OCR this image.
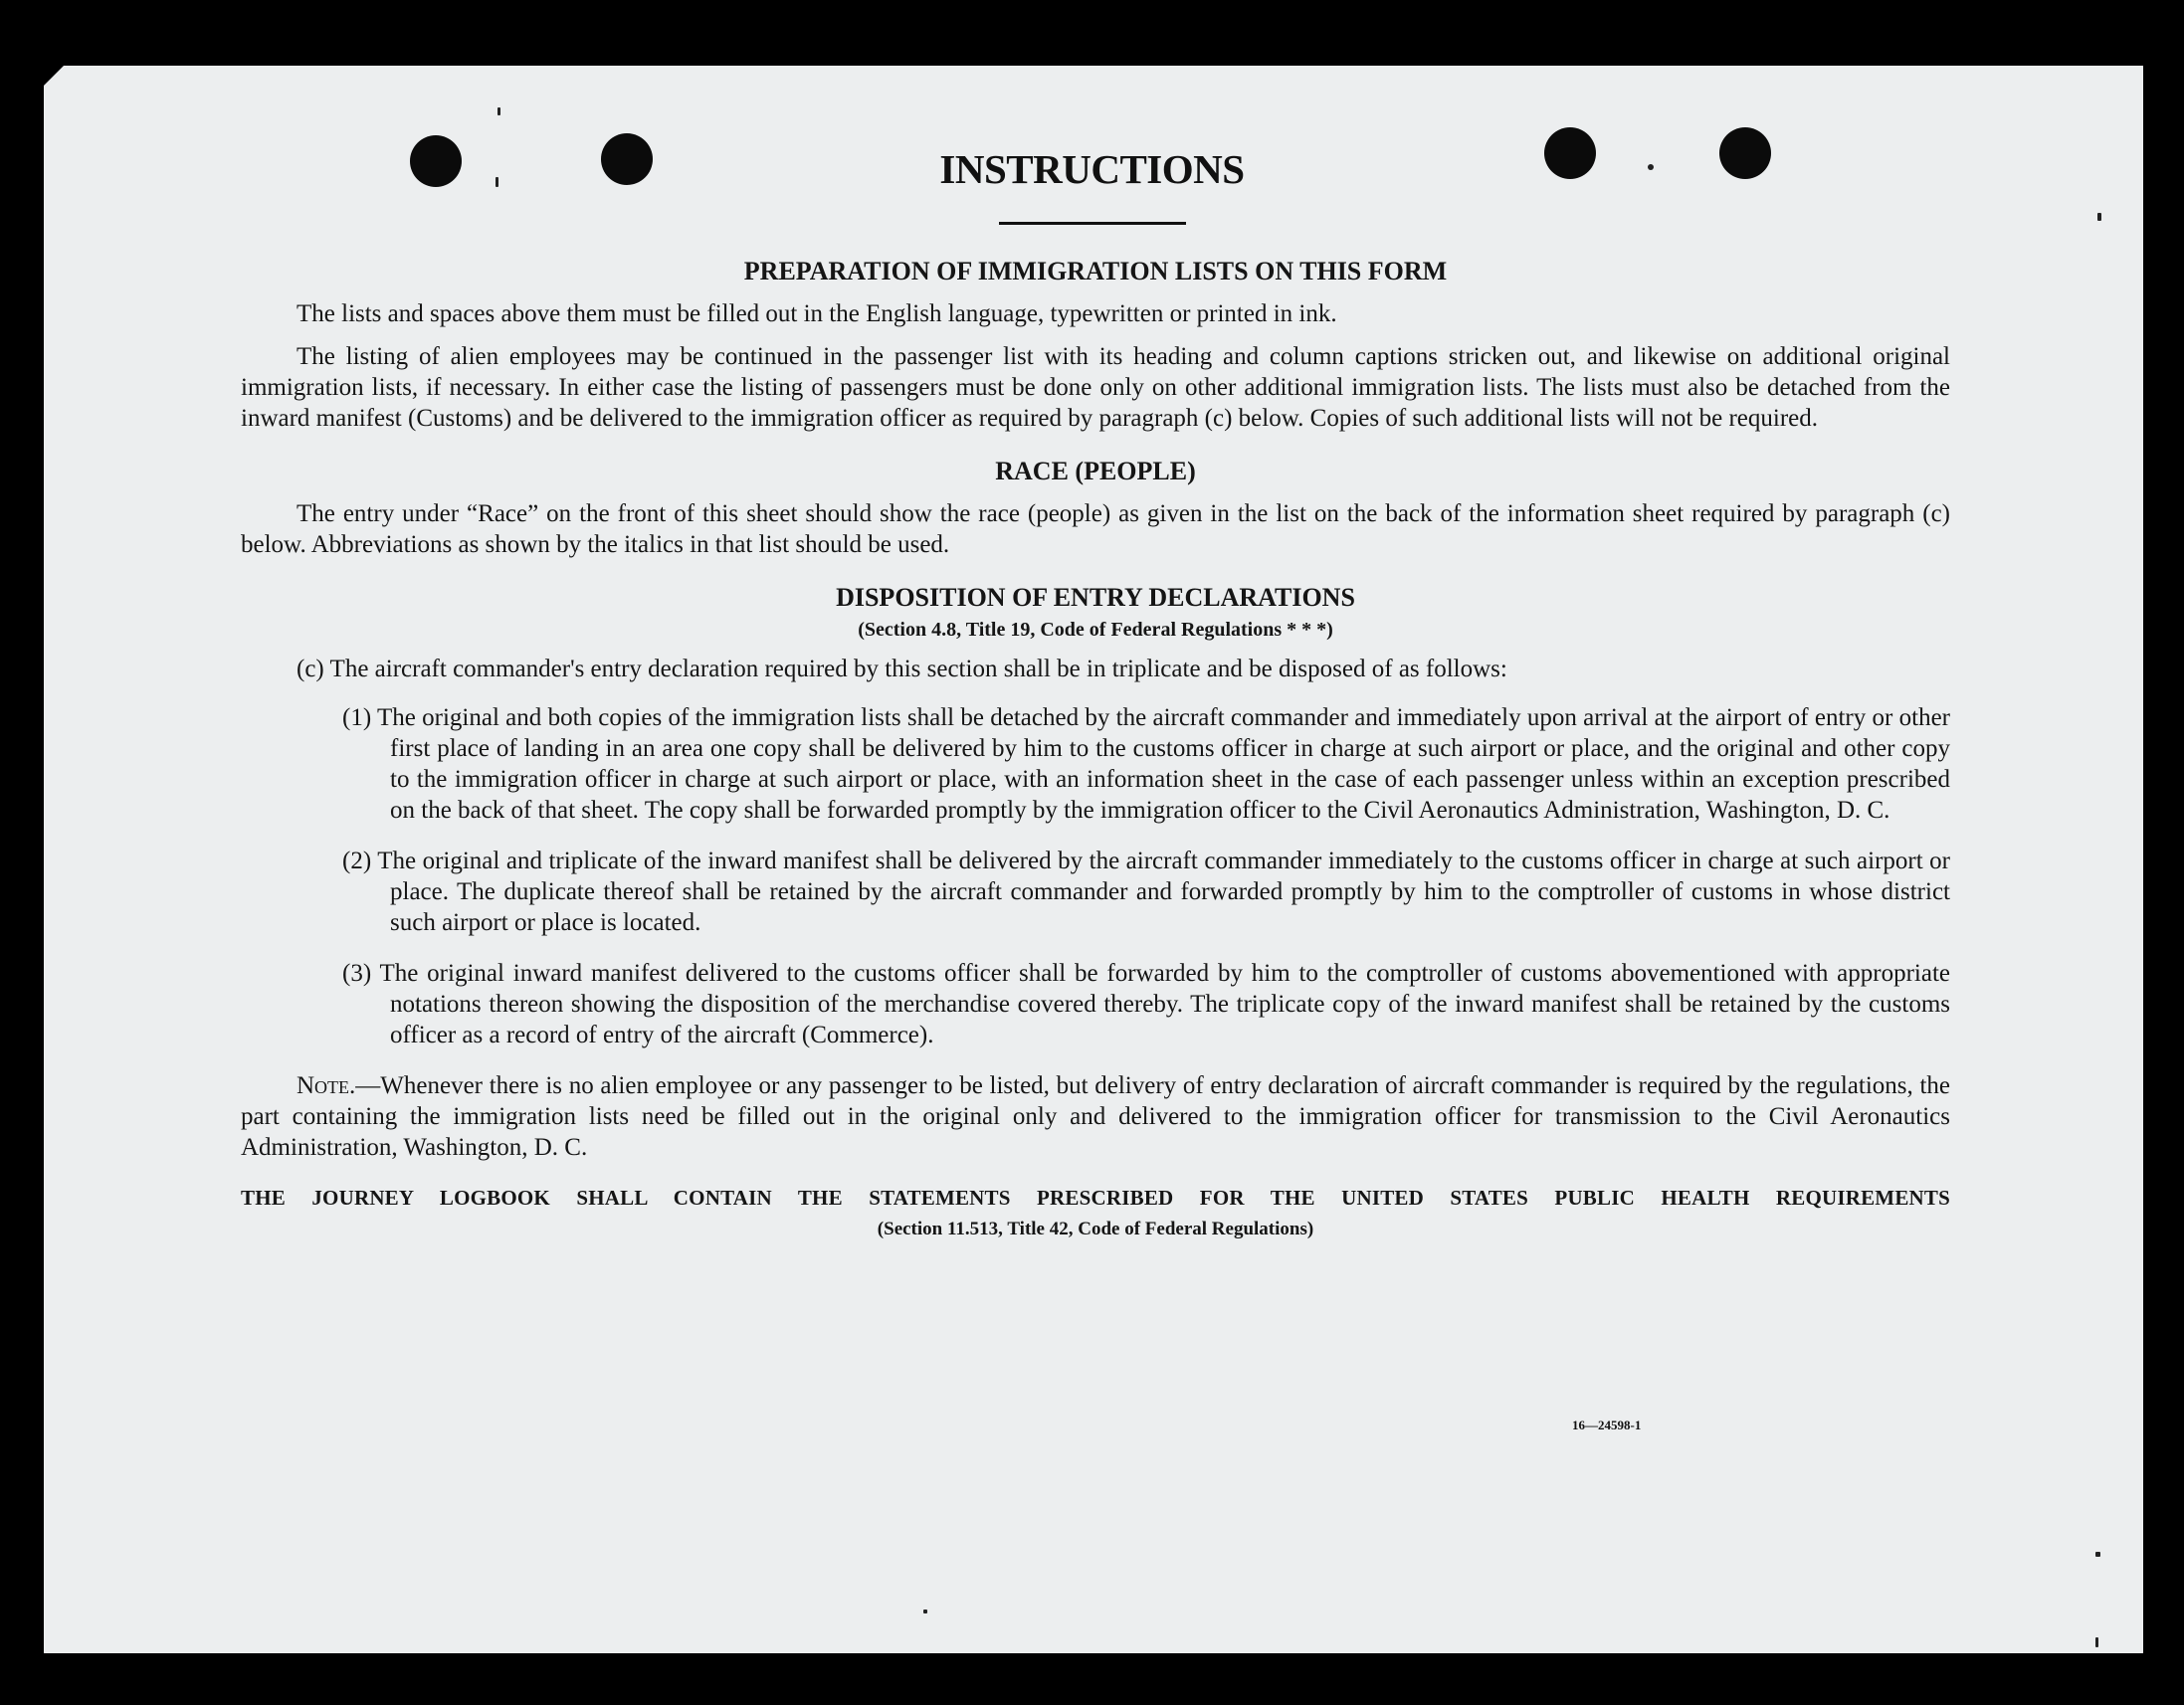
INSTRUCTIONS
PREPARATION OF IMMIGRATION LISTS ON THIS FORM

The lists and spaces above them must be filled out in the English language, typewritten or printed in ink.

The listing of alien employees may be continued in the passenger list with its heading and column captions stricken out, and likewise on additional original immigration lists, if necessary. In either case the listing of passengers must be done only on other additional immigration lists. The lists must also be detached from the inward manifest (Customs) and be delivered to the immigration officer as required by paragraph (c) below. Copies of such additional lists will not be required.

RACE (PEOPLE)

The entry under “Race” on the front of this sheet should show the race (people) as given in the list on the back of the information sheet required by paragraph (c) below. Abbreviations as shown by the italics in that list should be used.

DISPOSITION OF ENTRY DECLARATIONS
(Section 4.8, Title 19, Code of Federal Regulations * * *)

(c) The aircraft commander's entry declaration required by this section shall be in triplicate and be disposed of as follows:

(1) The original and both copies of the immigration lists shall be detached by the aircraft commander and immediately upon arrival at the airport of entry or other first place of landing in an area one copy shall be delivered by him to the customs officer in charge at such airport or place, and the original and other copy to the immigration officer in charge at such airport or place, with an information sheet in the case of each passenger unless within an exception prescribed on the back of that sheet. The copy shall be forwarded promptly by the immigration officer to the Civil Aeronautics Administration, Washington, D. C.

(2) The original and triplicate of the inward manifest shall be delivered by the aircraft commander immediately to the customs officer in charge at such airport or place. The duplicate thereof shall be retained by the aircraft commander and forwarded promptly by him to the comptroller of customs in whose district such airport or place is located.

(3) The original inward manifest delivered to the customs officer shall be forwarded by him to the comptroller of customs abovementioned with appropriate notations thereon showing the disposition of the merchandise covered thereby. The triplicate copy of the inward manifest shall be retained by the customs officer as a record of entry of the aircraft (Commerce).

Note.—Whenever there is no alien employee or any passenger to be listed, but delivery of entry declaration of aircraft commander is required by the regulations, the part containing the immigration lists need be filled out in the original only and delivered to the immigration officer for transmission to the Civil Aeronautics Administration, Washington, D. C.

THE JOURNEY LOGBOOK SHALL CONTAIN THE STATEMENTS PRESCRIBED FOR THE UNITED STATES PUBLIC HEALTH REQUIREMENTS

(Section 11.513, Title 42, Code of Federal Regulations)

16—24598-1
